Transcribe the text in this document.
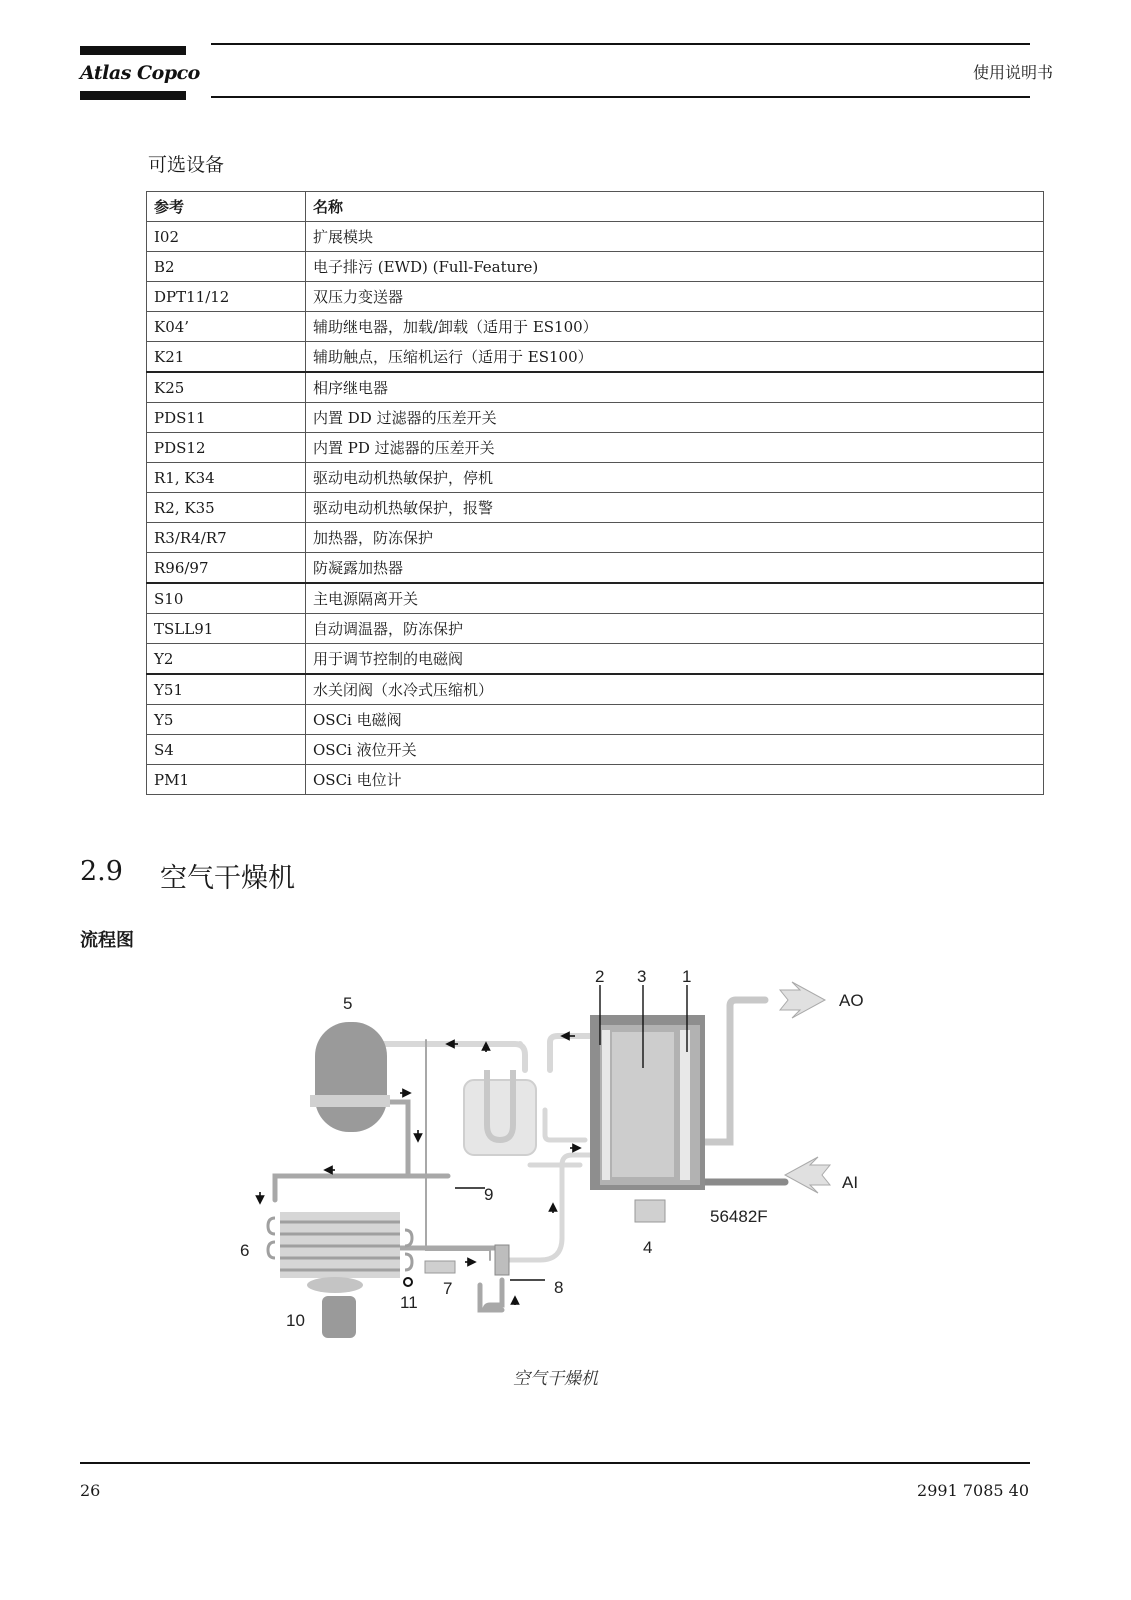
Atlas Copco	使用说明书
可选设备
参考	名称
I02	扩展模块
B2	电子排污 (EWD) (Full-Feature)
DPT11/12	双压力变送器
K04’	辅助继电器，加载/卸载（适用于 ES100）
K21	辅助触点，压缩机运行（适用于 ES100）
K25	相序继电器
PDS11	内置 DD 过滤器的压差开关
PDS12	内置 PD 过滤器的压差开关
R1, K34	驱动电动机热敏保护，停机
R2, K35	驱动电动机热敏保护，报警
R3/R4/R7	加热器，防冻保护
R96/97	防凝露加热器
S10	主电源隔离开关
TSLL91	自动调温器，防冻保护
Y2	用于调节控制的电磁阀
Y51	水关闭阀（水冷式压缩机）
Y5	OSCi 电磁阀
S4	OSCi 液位开关
PM1	OSCi 电位计
2.9 空气干燥机
流程图
2 3 1
5	AO
AI
9
56482F
4
6
7	8
11
10
空气干燥机
26	2991 7085 40
